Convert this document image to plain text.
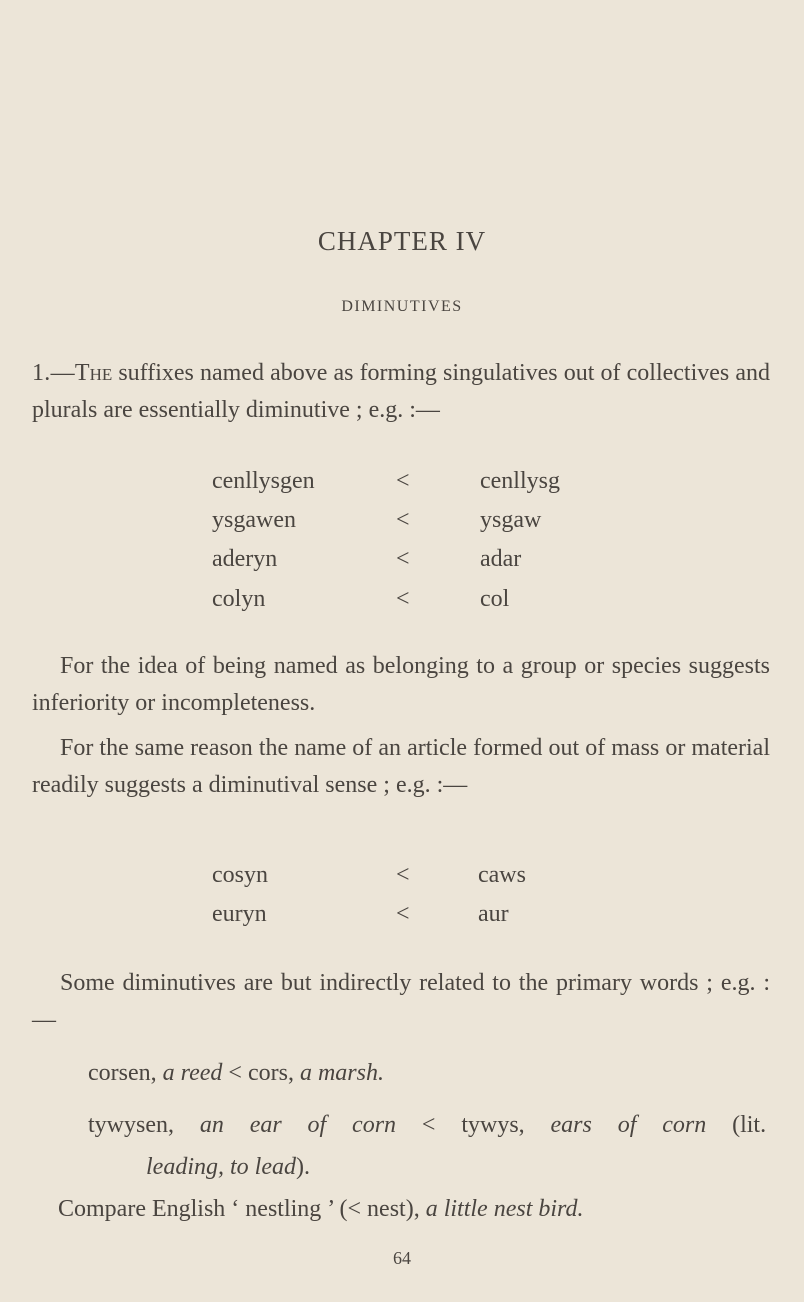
CHAPTER IV
DIMINUTIVES
1.—The suffixes named above as forming singulatives out of collectives and plurals are essentially diminutive ; e.g. :—
cenllysgen	<	cenllysg
ysgawen	<	ysgaw
aderyn	<	adar
colyn	<	col
For the idea of being named as belonging to a group or species suggests inferiority or incompleteness.
For the same reason the name of an article formed out of mass or material readily suggests a diminutival sense ; e.g. :—
cosyn	<	caws
euryn	<	aur
Some diminutives are but indirectly related to the primary words ; e.g. :—
corsen, a reed < cors, a marsh.
tywysen, an ear of corn < tywys, ears of corn (lit.
leading, to lead).
Compare English ‘ nestling ’ (< nest), a little nest bird.
64
